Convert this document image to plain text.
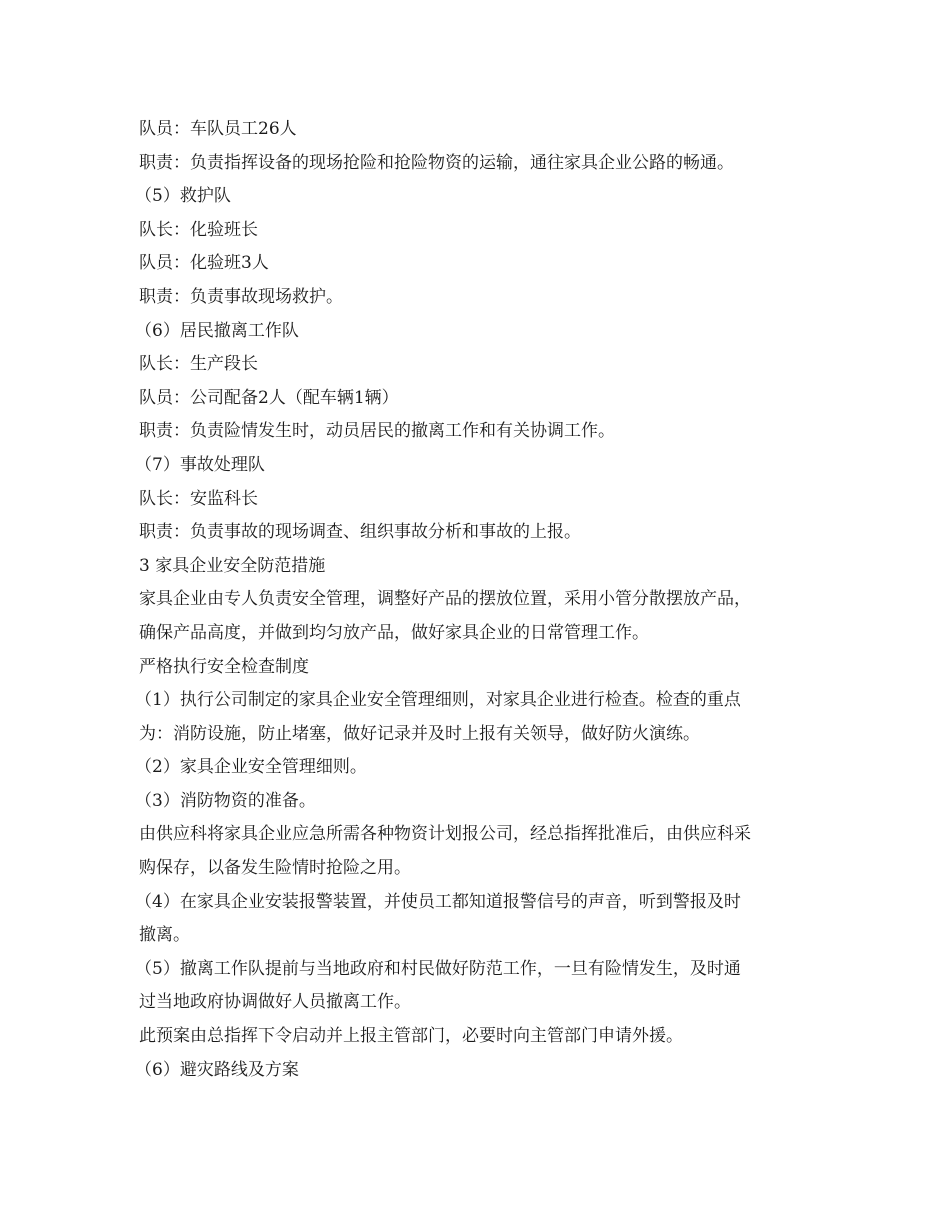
队员：车队员工26人
职责：负责指挥设备的现场抢险和抢险物资的运输，通往家具企业公路的畅通。
（5）救护队
队长：化验班长
队员：化验班3人
职责：负责事故现场救护。
（6）居民撤离工作队
队长：生产段长
队员：公司配备2人（配车辆1辆）
职责：负责险情发生时，动员居民的撤离工作和有关协调工作。
（7）事故处理队
队长：安监科长
职责：负责事故的现场调查、组织事故分析和事故的上报。
3 家具企业安全防范措施
家具企业由专人负责安全管理，调整好产品的摆放位置，采用小管分散摆放产品，
确保产品高度，并做到均匀放产品，做好家具企业的日常管理工作。
严格执行安全检查制度
（1）执行公司制定的家具企业安全管理细则，对家具企业进行检查。检查的重点
为：消防设施，防止堵塞，做好记录并及时上报有关领导，做好防火演练。
（2）家具企业安全管理细则。
（3）消防物资的准备。
由供应科将家具企业应急所需各种物资计划报公司，经总指挥批准后，由供应科采
购保存，以备发生险情时抢险之用。
（4）在家具企业安装报警装置，并使员工都知道报警信号的声音，听到警报及时
撤离。
（5）撤离工作队提前与当地政府和村民做好防范工作，一旦有险情发生，及时通
过当地政府协调做好人员撤离工作。
此预案由总指挥下令启动并上报主管部门，必要时向主管部门申请外援。
（6）避灾路线及方案
